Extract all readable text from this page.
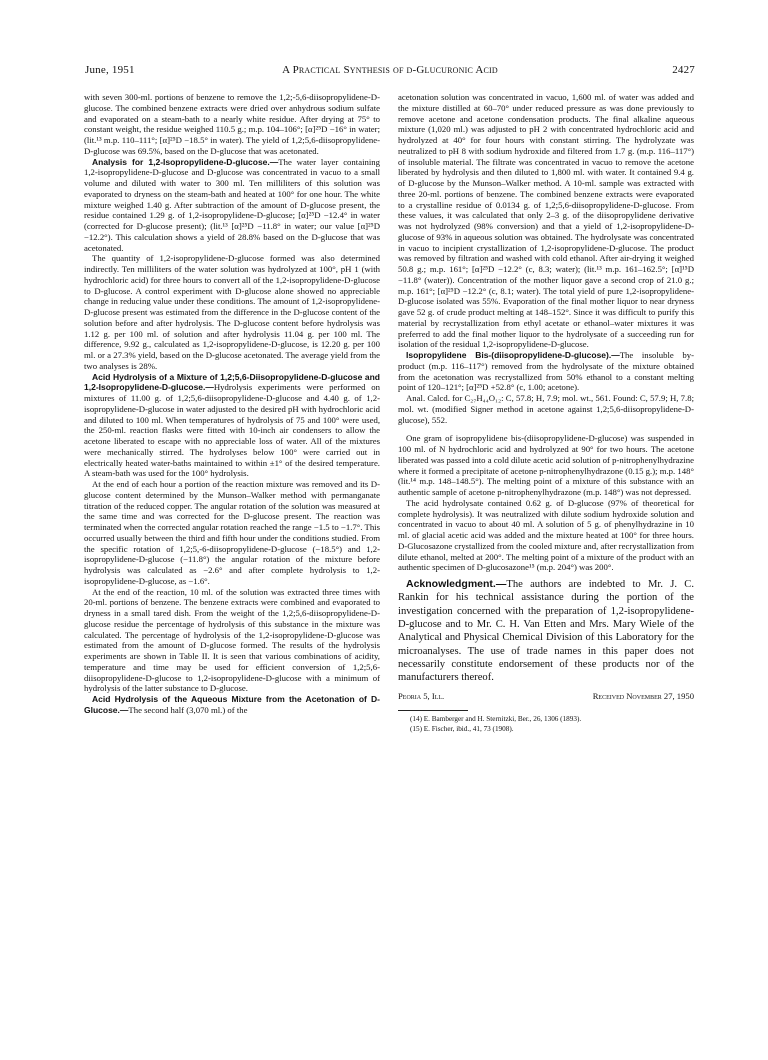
June, 1951	A Practical Synthesis of d-Glucuronic Acid	2427

with seven 300-ml. portions of benzene to remove the 1,2;-5,6-diisopropylidene-D-glucose. The combined benzene extracts were dried over anhydrous sodium sulfate and evaporated on a steam-bath to a nearly white residue. After drying at 75° to constant weight, the residue weighed 110.5 g.; m.p. 104–106°; [α]²⁵D −16° in water; (lit.¹³ m.p. 110–111°; [α]²⁵D −18.5° in water). The yield of 1,2;5,6-diisopropylidene-D-glucose was 69.5%, based on the D-glucose that was acetonated.

Analysis for 1,2-Isopropylidene-D-glucose.—The water layer containing 1,2-isopropylidene-D-glucose and D-glucose was concentrated in vacuo to a small volume and diluted with water to 300 ml. Ten milliliters of this solution was evaporated to dryness on the steam-bath and heated at 100° for one hour. The white mixture weighed 1.40 g. After subtraction of the amount of D-glucose present, the residue contained 1.29 g. of 1,2-isopropylidene-D-glucose; [α]²⁵D −12.4° in water (corrected for D-glucose present); (lit.¹³ [α]²⁵D −11.8° in water; our value [α]²⁵D −12.2°). This calculation shows a yield of 28.8% based on the D-glucose that was acetonated.

The quantity of 1,2-isopropylidene-D-glucose formed was also determined indirectly. Ten milliliters of the water solution was hydrolyzed at 100°, pH 1 (with hydrochloric acid) for three hours to convert all of the 1,2-isopropylidene-D-glucose to D-glucose. A control experiment with D-glucose alone showed no appreciable change in reducing value under these conditions. The amount of 1,2-isopropylidene-D-glucose present was estimated from the difference in the D-glucose content of the solution before and after hydrolysis. The D-glucose content before hydrolysis was 1.12 g. per 100 ml. of solution and after hydrolysis 11.04 g. per 100 ml. The difference, 9.92 g., calculated as 1,2-isopropylidene-D-glucose, is 12.20 g. per 100 ml. or a 27.3% yield, based on the D-glucose acetonated. The average yield from the two analyses is 28%.

Acid Hydrolysis of a Mixture of 1,2;5,6-Diisopropylidene-D-glucose and 1,2-Isopropylidene-D-glucose.—Hydrolysis experiments were performed on mixtures of 11.00 g. of 1,2;5,6-diisopropylidene-D-glucose and 4.40 g. of 1,2-isopropylidene-D-glucose in water adjusted to the desired pH with hydrochloric acid and diluted to 100 ml. When temperatures of hydrolysis of 75 and 100° were used, the 250-ml. reaction flasks were fitted with 10-inch air condensers to allow the acetone liberated to escape with no appreciable loss of water. All of the mixtures were mechanically stirred. The hydrolyses below 100° were carried out in electrically heated water-baths maintained to within ±1° of the desired temperature. A steam-bath was used for the 100° hydrolysis.

At the end of each hour a portion of the reaction mixture was removed and its D-glucose content determined by the Munson–Walker method with permanganate titration of the reduced copper. The angular rotation of the solution was measured at the same time and was corrected for the D-glucose present. The reaction was terminated when the corrected angular rotation reached the range −1.5 to −1.7°. This occurred usually between the third and fifth hour under the conditions studied. From the specific rotation of 1,2;5,-6-diisopropylidene-D-glucose (−18.5°) and 1,2-isopropylidene-D-glucose (−11.8°) the angular rotation of the mixture before hydrolysis was calculated as −2.6° and after complete hydrolysis to 1,2-isopropylidene-D-glucose, as −1.6°.

At the end of the reaction, 10 ml. of the solution was extracted three times with 20-ml. portions of benzene. The benzene extracts were combined and evaporated to dryness in a small tared dish. From the weight of the 1,2;5,6-diisopropylidene-D-glucose residue the percentage of hydrolysis of this substance in the mixture was calculated. The percentage of hydrolysis of the 1,2-isopropylidene-D-glucose was estimated from the amount of D-glucose formed. The results of the hydrolysis experiments are shown in Table II. It is seen that various combinations of acidity, temperature and time may be used for efficient conversion of 1,2;5,6-diisopropylidene-D-glucose to 1,2-isopropylidene-D-glucose with a minimum of hydrolysis of the latter substance to D-glucose.

Acid Hydrolysis of the Aqueous Mixture from the Acetonation of D-Glucose.—The second half (3,070 ml.) of the

acetonation solution was concentrated in vacuo, 1,600 ml. of water was added and the mixture distilled at 60–70° under reduced pressure as was done previously to remove acetone and acetone condensation products. The final alkaline aqueous mixture (1,020 ml.) was adjusted to pH 2 with concentrated hydrochloric acid and hydrolyzed at 40° for four hours with constant stirring. The hydrolyzate was neutralized to pH 8 with sodium hydroxide and filtered from 1.7 g. (m.p. 116–117°) of insoluble material. The filtrate was concentrated in vacuo to remove the acetone liberated by hydrolysis and then diluted to 1,800 ml. with water. It contained 9.4 g. of D-glucose by the Munson–Walker method. A 10-ml. sample was extracted with three 20-ml. portions of benzene. The combined benzene extracts were evaporated to a crystalline residue of 0.0134 g. of 1,2;5,6-diisopropylidene-D-glucose. From these values, it was calculated that only 2–3 g. of the diisopropylidene derivative was not hydrolyzed (98% conversion) and that a yield of 1,2-isopropylidene-D-glucose of 93% in aqueous solution was obtained. The hydrolysate was concentrated in vacuo to incipient crystallization of 1,2-isopropylidene-D-glucose. The product was removed by filtration and washed with cold ethanol. After air-drying it weighed 50.8 g.; m.p. 161°; [α]²⁵D −12.2° (c, 8.3; water); (lit.¹³ m.p. 161–162.5°; [α]¹⁵D −11.8° (water)). Concentration of the mother liquor gave a second crop of 21.0 g.; m.p. 161°; [α]²⁵D −12.2° (c, 8.1; water). The total yield of pure 1,2-isopropylidene-D-glucose isolated was 55%. Evaporation of the final mother liquor to near dryness gave 52 g. of crude product melting at 148–152°. Since it was difficult to purify this material by recrystallization from ethyl acetate or ethanol–water mixtures it was preferred to add the final mother liquor to the hydrolysate of a succeeding run for isolation of the residual 1,2-isopropylidene-D-glucose.

Isopropylidene Bis-(diisopropylidene-D-glucose).—The insoluble by-product (m.p. 116–117°) removed from the hydrolysate of the mixture obtained from the acetonation was recrystallized from 50% ethanol to a constant melting point of 120–121°; [α]²⁵D +52.8° (c, 1.00; acetone).

Anal. Calcd. for C₂₇H₄₄O₁₂: C, 57.8; H, 7.9; mol. wt., 561. Found: C, 57.9; H, 7.8; mol. wt. (modified Signer method in acetone against 1,2;5,6-diisopropylidene-D-glucose), 552.

One gram of isopropylidene bis-(diisopropylidene-D-glucose) was suspended in 100 ml. of N hydrochloric acid and hydrolyzed at 90° for two hours. The acetone liberated was passed into a cold dilute acetic acid solution of p-nitrophenylhydrazine where it formed a precipitate of acetone p-nitrophenylhydrazone (0.15 g.); m.p. 148° (lit.¹⁴ m.p. 148–148.5°). The melting point of a mixture of this substance with an authentic sample of acetone p-nitrophenylhydrazone (m.p. 148°) was not depressed.

The acid hydrolysate contained 0.62 g. of D-glucose (97% of theoretical for complete hydrolysis). It was neutralized with dilute sodium hydroxide solution and concentrated in vacuo to about 40 ml. A solution of 5 g. of phenylhydrazine in 10 ml. of glacial acetic acid was added and the mixture heated at 100° for three hours. D-Glucosazone crystallized from the cooled mixture and, after recrystallization from dilute ethanol, melted at 200°. The melting point of a mixture of the product with an authentic specimen of D-glucosazone¹⁵ (m.p. 204°) was 200°.

Acknowledgment.—The authors are indebted to Mr. J. C. Rankin for his technical assistance during the portion of the investigation concerned with the preparation of 1,2-isopropylidene-D-glucose and to Mr. C. H. Van Etten and Mrs. Mary Wiele of the Analytical and Physical Chemical Division of this Laboratory for the microanalyses. The use of trade names in this paper does not necessarily constitute endorsement of these products nor of the manufacturers thereof.

Peoria 5, Ill.	Received November 27, 1950
(14) E. Bamberger and H. Sternitzki, Ber., 26, 1306 (1893).
(15) E. Fischer, ibid., 41, 73 (1908).
